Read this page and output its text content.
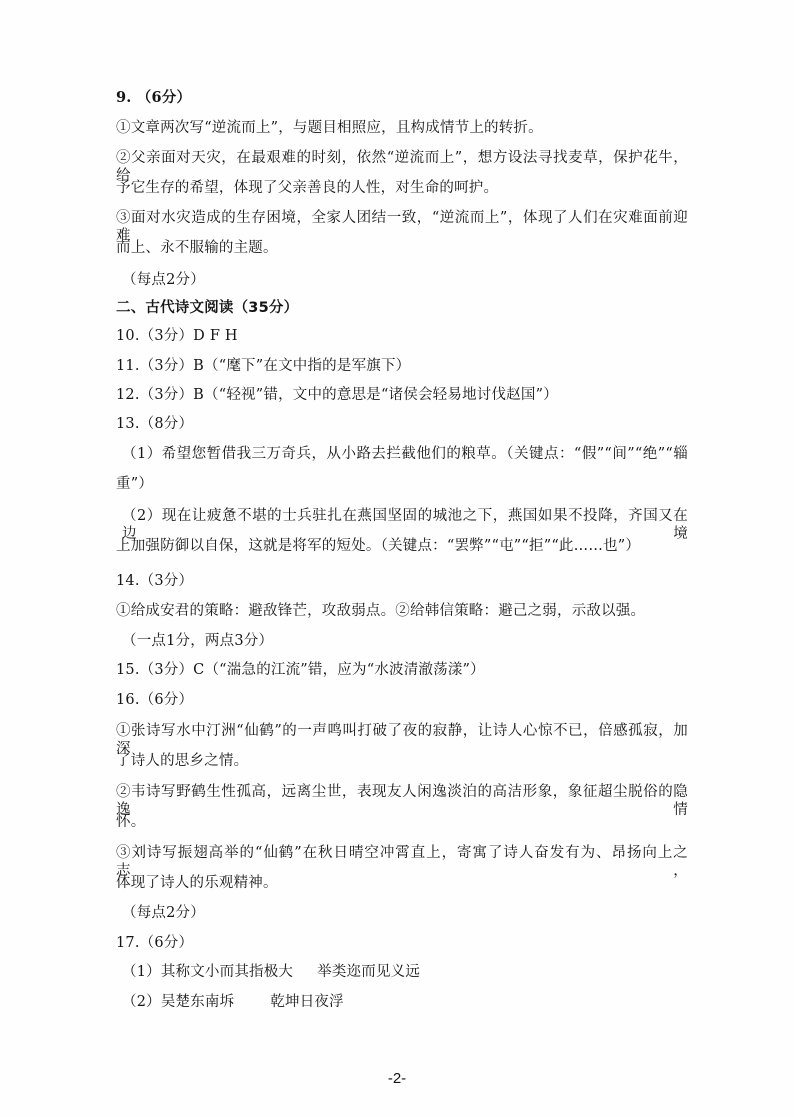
9. （6分）
①文章两次写“逆流而上”，与题目相照应，且构成情节上的转折。
②父亲面对天灾，在最艰难的时刻，依然“逆流而上”，想方设法寻找麦草，保护花牛，给
予它生存的希望，体现了父亲善良的人性，对生命的呵护。
③面对水灾造成的生存困境，全家人团结一致，“逆流而上”，体现了人们在灾难面前迎难
而上、永不服输的主题。
（每点2分）
二、古代诗文阅读（35分）
10.（3分）D F H
11.（3分）B（“麾下”在文中指的是军旗下）
12.（3分）B（“轻视”错，文中的意思是“诸侯会轻易地讨伐赵国”）
13.（8分）
（1）希望您暂借我三万奇兵，从小路去拦截他们的粮草。（关键点：“假”“间”“绝”“辎
重”）
（2）现在让疲惫不堪的士兵驻扎在燕国坚固的城池之下，燕国如果不投降，齐国又在边境
上加强防御以自保，这就是将军的短处。（关键点：“罢弊”“屯”“拒”“此……也”）
14.（3分）
①给成安君的策略：避敌锋芒，攻敌弱点。②给韩信策略：避己之弱，示敌以强。
（一点1分，两点3分）
15.（3分）C（“湍急的江流”错，应为“水波清澈荡漾”）
16.（6分）
①张诗写水中汀洲“仙鹤”的一声鸣叫打破了夜的寂静，让诗人心惊不已，倍感孤寂，加深
了诗人的思乡之情。
②韦诗写野鹤生性孤高，远离尘世，表现友人闲逸淡泊的高洁形象，象征超尘脱俗的隐逸情
怀。
③刘诗写振翅高举的“仙鹤”在秋日晴空冲霄直上，寄寓了诗人奋发有为、昂扬向上之志，
体现了诗人的乐观精神。
（每点2分）
17.（6分）
（1）其称文小而其指极大 举类迩而见义远
（2）吴楚东南坼 乾坤日夜浮
-2-
